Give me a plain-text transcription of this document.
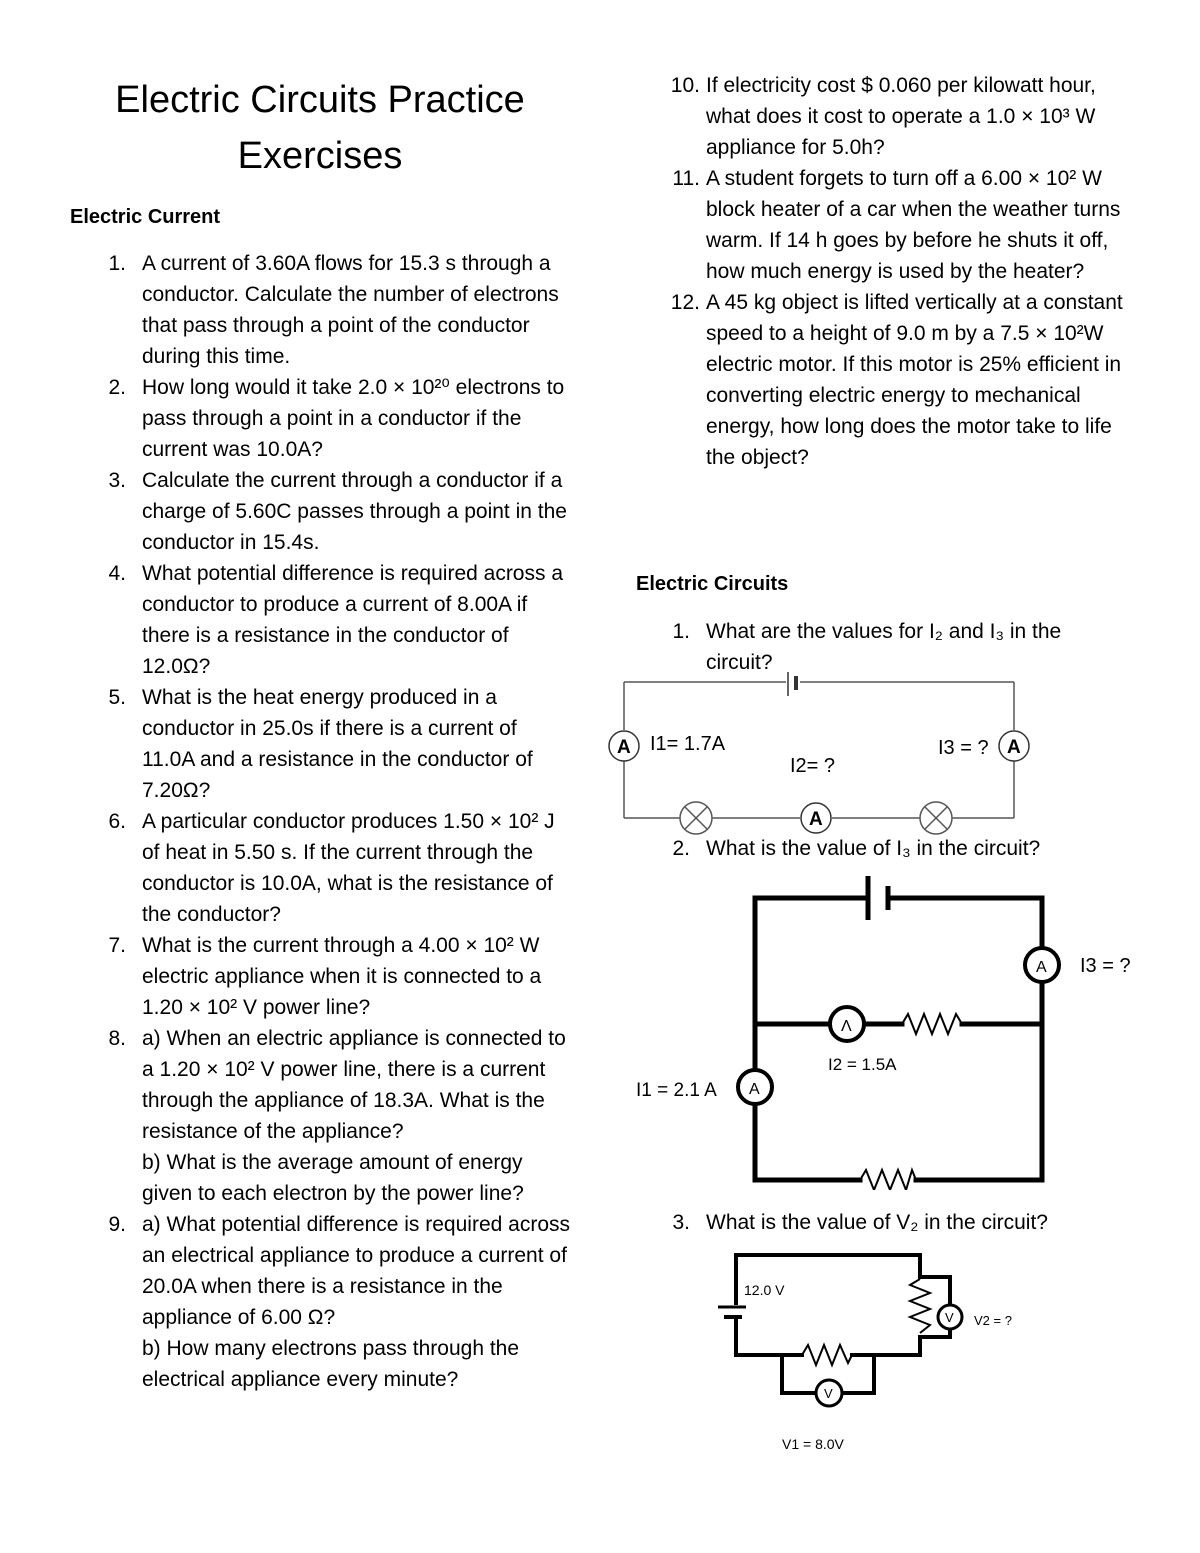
Electric Circuits Practice Exercises
Electric Current
1. A current of 3.60A flows for 15.3 s through a conductor. Calculate the number of electrons that pass through a point of the conductor during this time.
2. How long would it take 2.0 × 10²⁰ electrons to pass through a point in a conductor if the current was 10.0A?
3. Calculate the current through a conductor if a charge of 5.60C passes through a point in the conductor in 15.4s.
4. What potential difference is required across a conductor to produce a current of 8.00A if there is a resistance in the conductor of 12.0Ω?
5. What is the heat energy produced in a conductor in 25.0s if there is a current of 11.0A and a resistance in the conductor of 7.20Ω?
6. A particular conductor produces 1.50 × 10² J of heat in 5.50 s. If the current through the conductor is 10.0A, what is the resistance of the conductor?
7. What is the current through a 4.00 × 10² W electric appliance when it is connected to a 1.20 × 10² V power line?
8. a) When an electric appliance is connected to a 1.20 × 10² V power line, there is a current through the appliance of 18.3A. What is the resistance of the appliance?
b) What is the average amount of energy given to each electron by the power line?
9. a) What potential difference is required across an electrical appliance to produce a current of 20.0A when there is a resistance in the appliance of 6.00 Ω?
b) How many electrons pass through the electrical appliance every minute?
10. If electricity cost $ 0.060 per kilowatt hour, what does it cost to operate a 1.0 × 10³ W appliance for 5.0h?
11. A student forgets to turn off a 6.00 × 10² W block heater of a car when the weather turns warm. If 14 h goes by before he shuts it off, how much energy is used by the heater?
12. A 45 kg object is lifted vertically at a constant speed to a height of 9.0 m by a 7.5 × 10²W electric motor. If this motor is 25% efficient in converting electric energy to mechanical energy, how long does the motor take to life the object?
Electric Circuits
1. What are the values for I₂ and I₃ in the circuit?
A	A
A
I1= 1.7A
I2= ?
I3 = ?
2. What is the value of I₃ in the circuit?
A
Λ
A
I3 = ?
I2 = 1.5A
I1 = 2.1 A
3. What is the value of V₂ in the circuit?
V
V
12.0 V
V2 = ?
V1 = 8.0V
